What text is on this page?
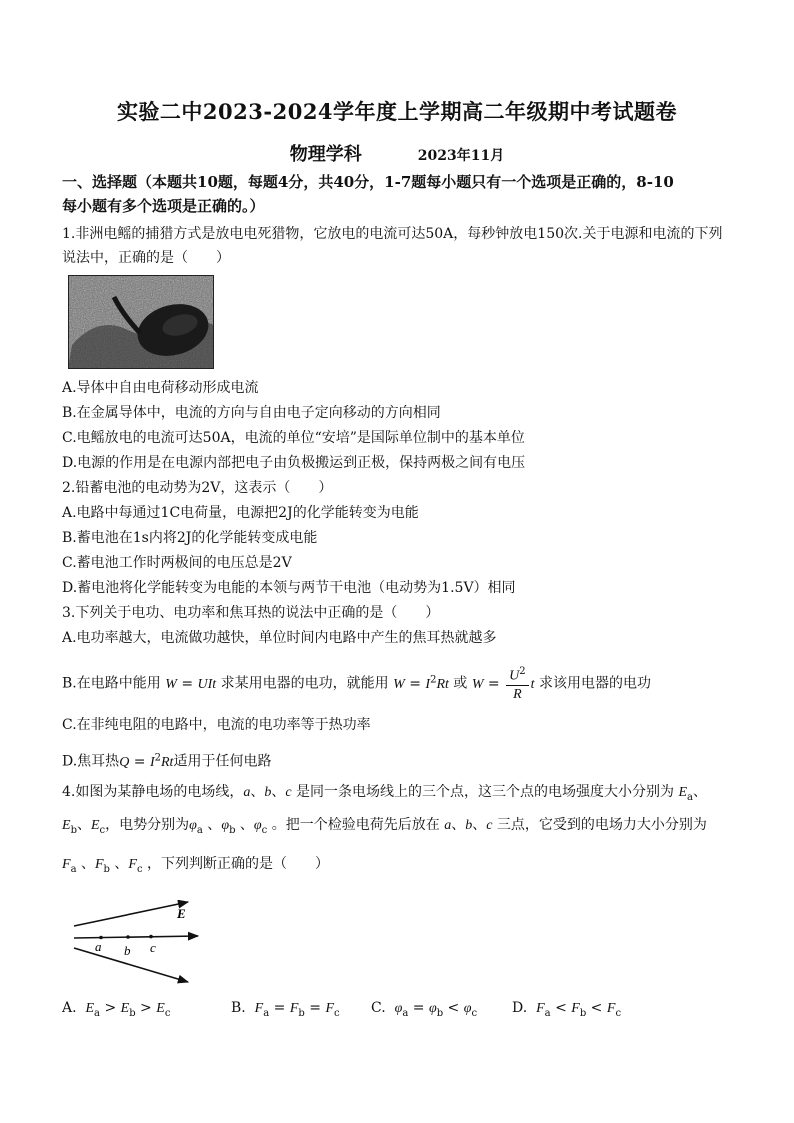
实验二中2023-2024学年度上学期高二年级期中考试题卷
物理学科	2023年11月
一、选择题（本题共10题，每题4分，共40分，1-7题每小题只有一个选项是正确的，8-10
每小题有多个选项是正确的。）
1.非洲电鳐的捕猎方式是放电电死猎物，它放电的电流可达50A，每秒钟放电150次.关于电源和电流的下列
说法中，正确的是（　　）
A.导体中自由电荷移动形成电流
B.在金属导体中，电流的方向与自由电子定向移动的方向相同
C.电鳐放电的电流可达50A，电流的单位“安培”是国际单位制中的基本单位
D.电源的作用是在电源内部把电子由负极搬运到正极，保持两极之间有电压
2.铅蓄电池的电动势为2V，这表示（　　）
A.电路中每通过1C电荷量，电源把2J的化学能转变为电能
B.蓄电池在1s内将2J的化学能转变成电能
C.蓄电池工作时两极间的电压总是2V
D.蓄电池将化学能转变为电能的本领与两节干电池（电动势为1.5V）相同
3.下列关于电功、电功率和焦耳热的说法中正确的是（　　）
A.电功率越大，电流做功越快，单位时间内电路中产生的焦耳热就越多
B.在电路中能用 W = UIt 求某用电器的电功，就能用 $W = I^2Rt$ 或 $W = \frac{U^2}{R}$ t 求该用电器的电功
C.在非纯电阻的电路中，电流的电功率等于热功率
D.焦耳热$Q = I^2Rt$适用于任何电路
4.如图为某静电场的电场线，a、b、c 是同一条电场线上的三个点，这三个点的电场强度大小分别为 $E_a$、
$E_b$、$E_c$，电势分别为$\varphi_a$ 、$\varphi_b$ 、$\varphi_c$ 。把一个检验电荷先后放在 a、b、c 三点，它受到的电场力大小分别为
$F_a$ 、$F_b$ 、$F_c$ ，下列判断正确的是（　　）
E
a b c
A. $E_a > E_b > E_c$	B. $F_a = F_b = F_c$ C. $\varphi_a = \varphi_b < \varphi_c$ D. $F_a < F_b < F_c$
